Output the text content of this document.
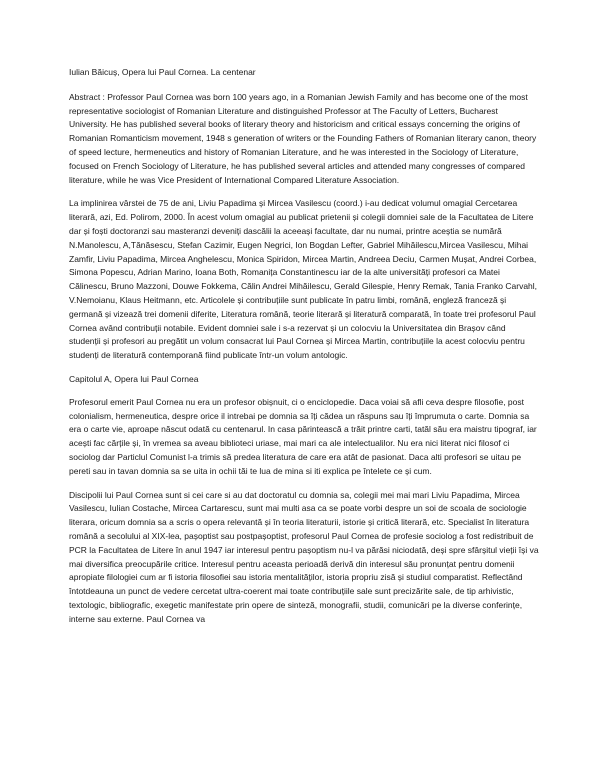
Iulian Băicuș, Opera lui Paul Cornea. La centenar

Abstract : Professor Paul Cornea was born 100 years ago, in a Romanian Jewish Family and has become one of the most representative sociologist of Romanian Literature and distinguished Professor at The Faculty of Letters, Bucharest University. He has published several books of literary theory and historicism and critical essays concerning the origins of Romanian Romanticism movement, 1948 s generation of writers or the Founding Fathers of Romanian literary canon, theory of speed lecture, hermeneutics and history of Romanian Literature, and he was interested in the Sociology of Literature, focused on French Sociology of Literature, he has published several articles and attended many congresses of compared literature, while he was Vice President of International Compared Literature Association.

La implinirea vârstei de 75 de ani, Liviu Papadima și Mircea Vasilescu (coord.) i-au dedicat volumul omagial Cercetarea literară, azi, Ed. Polirom, 2000. În acest volum omagial au publicat prietenii și colegii domniei sale de la Facultatea de Litere dar și foști doctoranzi sau masteranzi deveniți dascălii la aceeași facultate, dar nu numai, printre aceștia se numără N.Manolescu, A,Tănăsescu, Stefan Cazimir, Eugen Negrici, Ion Bogdan Lefter, Gabriel Mihăilescu,Mircea Vasilescu, Mihai Zamfir, Liviu Papadima, Mircea Anghelescu, Monica Spiridon, Mircea Martin, Andreea Deciu, Carmen Mușat, Andrei Corbea, Simona Popescu, Adrian Marino, Ioana Both, Romanița Constantinescu iar de la alte universități profesori ca Matei Călinescu, Bruno Mazzoni, Douwe Fokkema, Călin Andrei Mihăilescu, Gerald Gilespie, Henry Remak, Tania Franko Carvahl, V.Nemoianu, Klaus Heitmann, etc. Articolele și contribuțiile sunt publicate în patru limbi, română, engleză franceză și germană și vizează trei domenii diferite, Literatura română, teorie literară și literatură comparată, în toate trei profesorul Paul Cornea având contribuții notabile. Evident domniei sale i s-a rezervat și un colocviu la Universitatea din Brașov când studenții și profesori au pregătit un volum consacrat lui Paul Cornea și Mircea Martin, contribuțiile la acest colocviu pentru studenți de literatură contemporană fiind publicate într-un volum antologic.

Capitolul A, Opera lui Paul Cornea

Profesorul emerit Paul Cornea nu era un profesor obișnuit, ci o enciclopedie. Daca voiai să afli ceva despre filosofie, post colonialism, hermeneutica, despre orice il intrebai pe domnia sa îți cădea un răspuns sau îți împrumuta o carte. Domnia sa era o carte vie, aproape născut odată cu centenarul. In casa părintească a trăit printre carti, tatăl său era maistru tipograf, iar acești fac cărțile și, în vremea sa aveau biblioteci uriase, mai mari ca ale intelectualilor. Nu era nici literat nici filosof ci sociolog dar Particlul Comunist l-a trimis să predea literatura de care era atât de pasionat. Daca alti profesori se uitau pe pereti sau in tavan domnia sa se uita in ochii tăi te lua de mina si iti explica pe întelete ce și cum.

Discipolii lui Paul Cornea sunt si cei care si au dat doctoratul cu domnia sa, colegii mei mai mari Liviu Papadima, Mircea Vasilescu, Iulian Costache, Mircea Cartarescu, sunt mai multi asa ca se poate vorbi despre un soi de scoala de sociologie literara, oricum domnia sa a scris o opera relevantă și în teoria literaturii, istorie și critică literară, etc. Specialist în literatura română a secolului al XIX-lea, pașoptist sau postpașoptist, profesorul Paul Cornea de profesie sociolog a fost redistribuit de PCR la Facultatea de Litere în anul 1947 iar interesul pentru pașoptism nu-l va părăsi niciodată, deși spre sfârșitul vieții își va mai diversifica preocupările critice. Interesul pentru aceasta perioadă derivă din interesul său pronunțat pentru domenii apropiate filologiei cum ar fi istoria filosofiei sau istoria mentalităților, istoria propriu zisă și studiul comparatist. Reflectând întotdeauna un punct de vedere cercetat ultra-coerent mai toate contribuțiile sale sunt precizărite sale, de tip arhivistic, textologic, bibliografic, exegetic manifestate prin opere de sinteză, monografii, studii, comunicări pe la diverse conferințe, interne sau externe. Paul Cornea va
